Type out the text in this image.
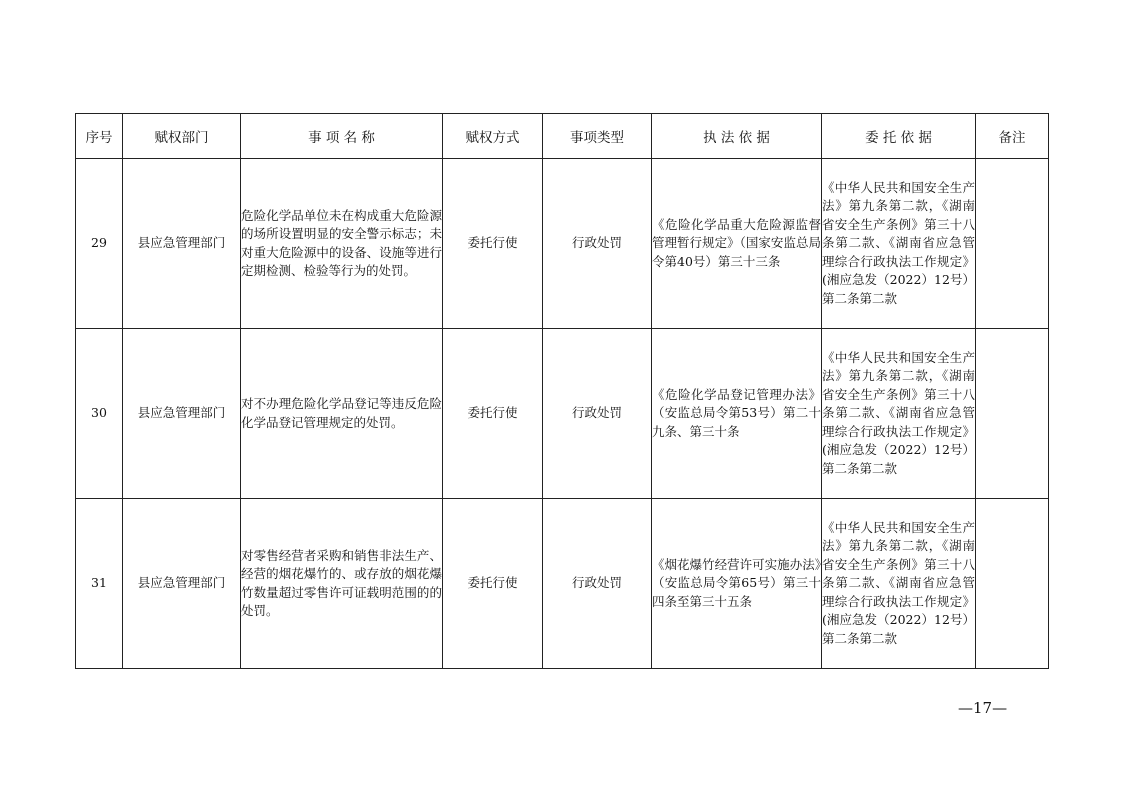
序号	赋权部门	事 项 名 称	赋权方式	事项类型	执 法 依 据	委 托 依 据	备注
29	县应急管理部门	危险化学品单位未在构成重大危险源的场所设置明显的安全警示标志；未对重大危险源中的设备、设施等进行定期检测、检验等行为的处罚。	委托行使	行政处罚	《危险化学品重大危险源监督管理暂行规定》（国家安监总局令第40号）第三十三条	《中华人民共和国安全生产法》第九条第二款，《湖南省安全生产条例》第三十八条第二款、《湖南省应急管理综合行政执法工作规定》(湘应急发（2022）12号）第二条第二款	
30	县应急管理部门	对不办理危险化学品登记等违反危险化学品登记管理规定的处罚。	委托行使	行政处罚	《危险化学品登记管理办法》（安监总局令第53号）第二十九条、第三十条	《中华人民共和国安全生产法》第九条第二款，《湖南省安全生产条例》第三十八条第二款、《湖南省应急管理综合行政执法工作规定》(湘应急发（2022）12号）第二条第二款	
31	县应急管理部门	对零售经营者采购和销售非法生产、经营的烟花爆竹的、或存放的烟花爆竹数量超过零售许可证载明范围的的处罚。	委托行使	行政处罚	《烟花爆竹经营许可实施办法》（安监总局令第65号）第三十四条至第三十五条	《中华人民共和国安全生产法》第九条第二款，《湖南省安全生产条例》第三十八条第二款、《湖南省应急管理综合行政执法工作规定》(湘应急发（2022）12号）第二条第二款	
—17—
